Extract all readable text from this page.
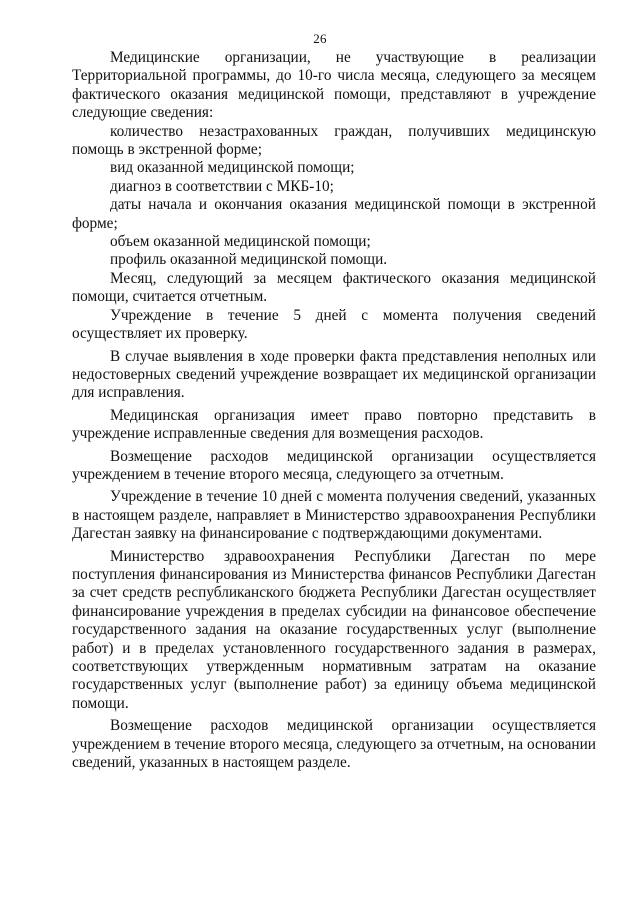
26

Медицинские организации, не участвующие в реализации Территориальной программы, до 10-го числа месяца, следующего за месяцем фактического оказания медицинской помощи, представляют в учреждение следующие сведения:

количество незастрахованных граждан, получивших медицинскую помощь в экстренной форме;

вид оказанной медицинской помощи;

диагноз в соответствии с МКБ-10;

даты начала и окончания оказания медицинской помощи в экстренной форме;

объем оказанной медицинской помощи;

профиль оказанной медицинской помощи.

Месяц, следующий за месяцем фактического оказания медицинской помощи, считается отчетным.

Учреждение в течение 5 дней с момента получения сведений осуществляет их проверку.

В случае выявления в ходе проверки факта представления неполных или недостоверных сведений учреждение возвращает их медицинской организации для исправления.

Медицинская организация имеет право повторно представить в учреждение исправленные сведения для возмещения расходов.

Возмещение расходов медицинской организации осуществляется учреждением в течение второго месяца, следующего за отчетным.

Учреждение в течение 10 дней с момента получения сведений, указанных в настоящем разделе, направляет в Министерство здравоохранения Республики Дагестан заявку на финансирование с подтверждающими документами.

Министерство здравоохранения Республики Дагестан по мере поступления финансирования из Министерства финансов Республики Дагестан за счет средств республиканского бюджета Республики Дагестан осуществляет финансирование учреждения в пределах субсидии на финансовое обеспечение государственного задания на оказание государственных услуг (выполнение работ) и в пределах установленного государственного задания в размерах, соответствующих утвержденным нормативным затратам на оказание государственных услуг (выполнение работ) за единицу объема медицинской помощи.

Возмещение расходов медицинской организации осуществляется учреждением в течение второго месяца, следующего за отчетным, на основании сведений, указанных в настоящем разделе.
